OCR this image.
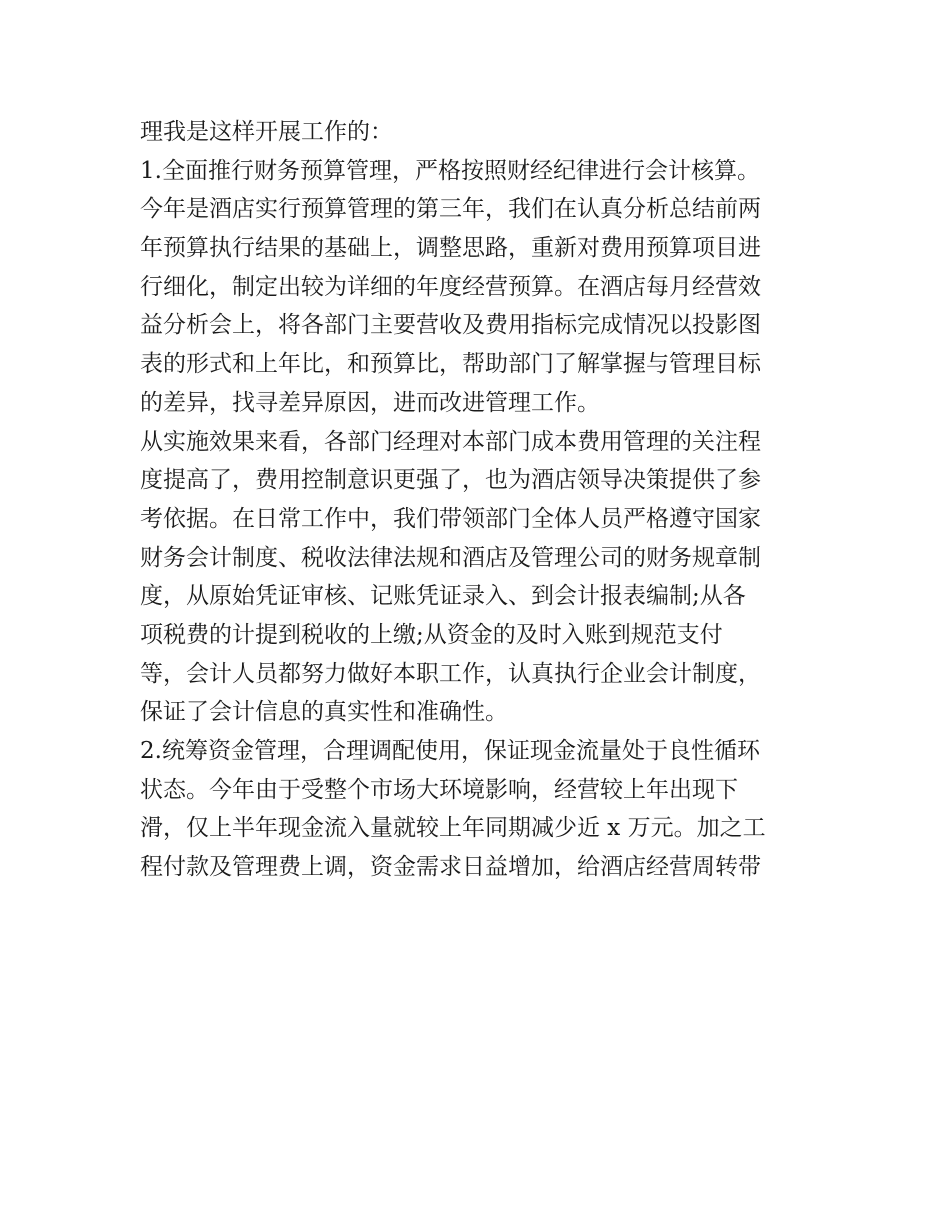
理我是这样开展工作的：

1.全面推行财务预算管理，严格按照财经纪律进行会计核算。

今年是酒店实行预算管理的第三年，我们在认真分析总结前两

年预算执行结果的基础上，调整思路，重新对费用预算项目进

行细化，制定出较为详细的年度经营预算。在酒店每月经营效

益分析会上，将各部门主要营收及费用指标完成情况以投影图

表的形式和上年比，和预算比，帮助部门了解掌握与管理目标

的差异，找寻差异原因，进而改进管理工作。

从实施效果来看，各部门经理对本部门成本费用管理的关注程

度提高了，费用控制意识更强了，也为酒店领导决策提供了参

考依据。在日常工作中，我们带领部门全体人员严格遵守国家

财务会计制度、税收法律法规和酒店及管理公司的财务规章制

度，从原始凭证审核、记账凭证录入、到会计报表编制;从各

项税费的计提到税收的上缴;从资金的及时入账到规范支付

等，会计人员都努力做好本职工作，认真执行企业会计制度，

保证了会计信息的真实性和准确性。

2.统筹资金管理，合理调配使用，保证现金流量处于良性循环

状态。今年由于受整个市场大环境影响，经营较上年出现下

滑，仅上半年现金流入量就较上年同期减少近 x 万元。加之工

程付款及管理费上调，资金需求日益增加，给酒店经营周转带
